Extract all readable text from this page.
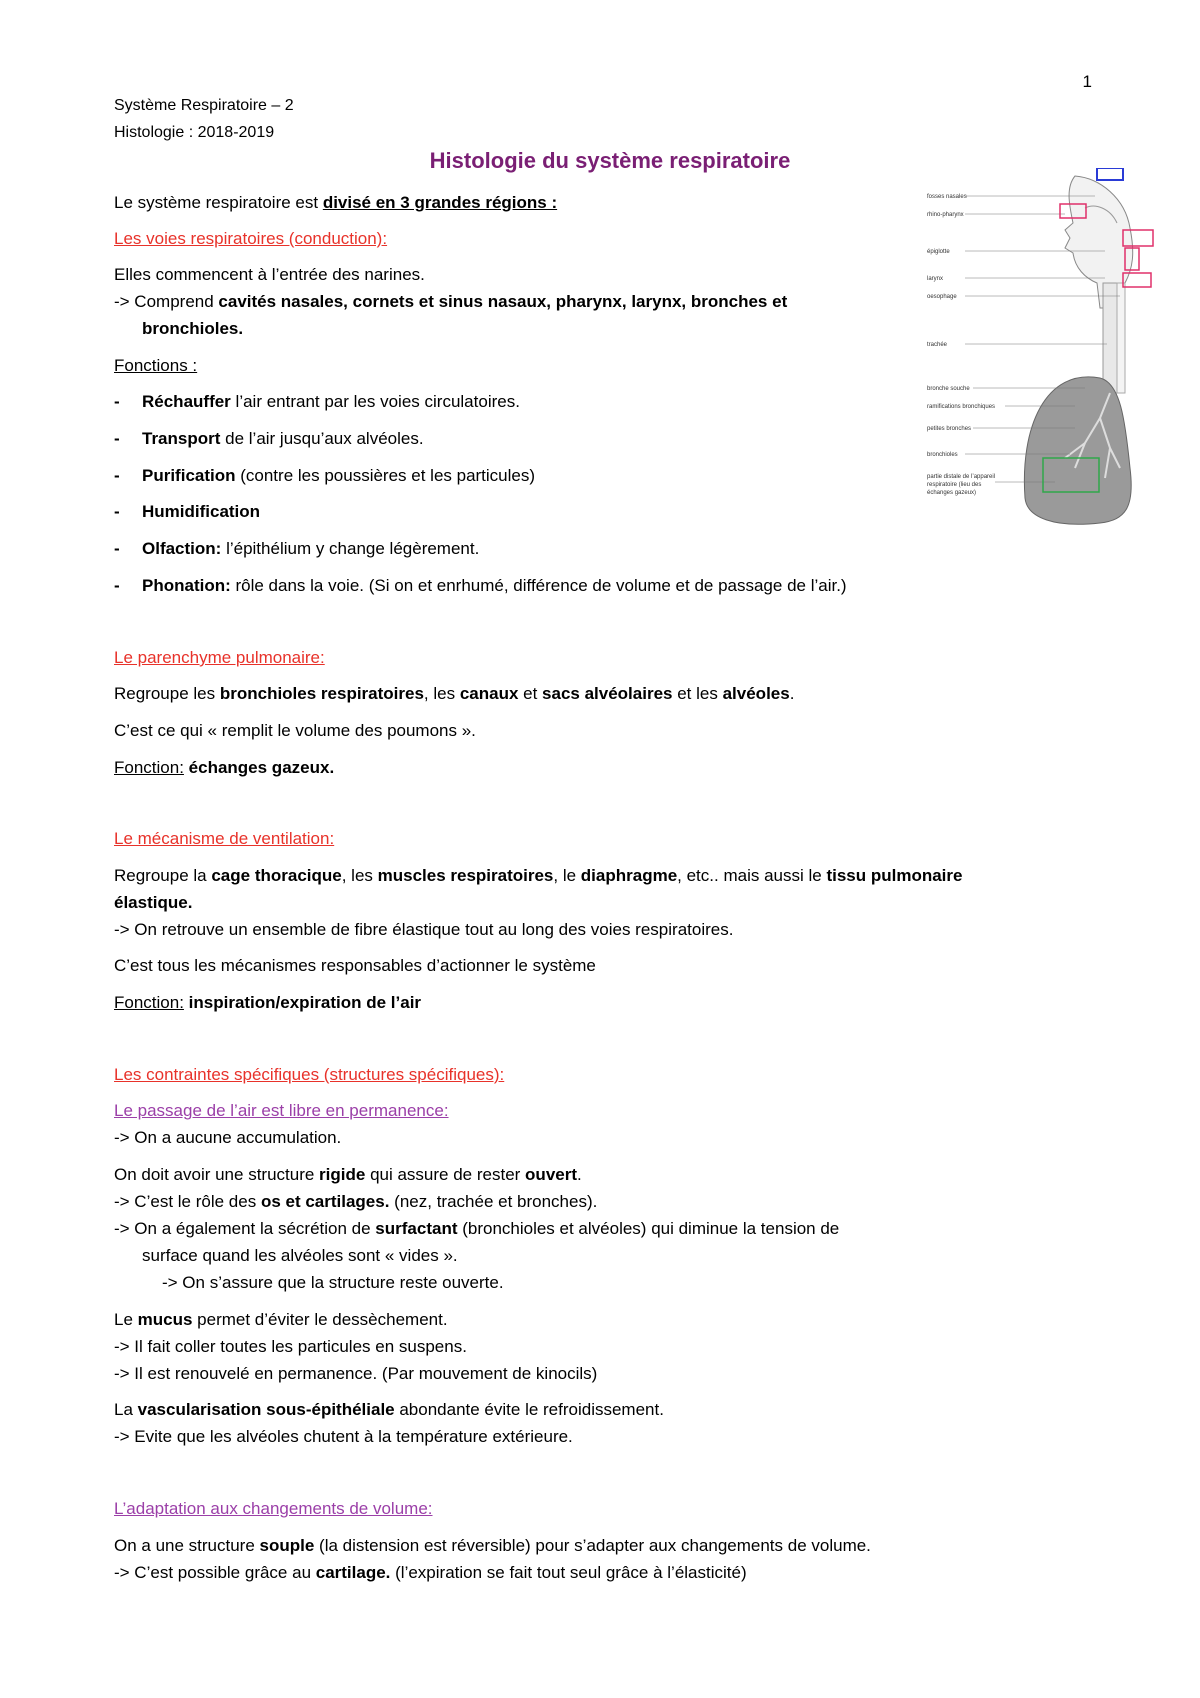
1
Système Respiratoire – 2
Histologie : 2018-2019
Histologie du système respiratoire
Le système respiratoire est divisé en 3 grandes régions :
Les voies respiratoires (conduction):
Elles commencent à l’entrée des narines.
-> Comprend cavités nasales, cornets et sinus nasaux, pharynx, larynx, bronches et
bronchioles.
Fonctions :
- Réchauffer l’air entrant par les voies circulatoires.
- Transport de l’air jusqu’aux alvéoles.
- Purification (contre les poussières et les particules)
- Humidification
- Olfaction: l’épithélium y change légèrement.
- Phonation: rôle dans la voie. (Si on et enrhumé, différence de volume et de passage de l’air.)
Le parenchyme pulmonaire:
Regroupe les bronchioles respiratoires, les canaux et sacs alvéolaires et les alvéoles.
C’est ce qui « remplit le volume des poumons ».
Fonction: échanges gazeux.
Le mécanisme de ventilation:
Regroupe la cage thoracique, les muscles respiratoires, le diaphragme, etc.. mais aussi le tissu pulmonaire
élastique.
-> On retrouve un ensemble de fibre élastique tout au long des voies respiratoires.
C’est tous les mécanismes responsables d’actionner le système
Fonction: inspiration/expiration de l’air
Les contraintes spécifiques (structures spécifiques):
Le passage de l’air est libre en permanence:
-> On a aucune accumulation.
On doit avoir une structure rigide qui assure de rester ouvert.
-> C’est le rôle des os et cartilages. (nez, trachée et bronches).
-> On a également la sécrétion de surfactant (bronchioles et alvéoles) qui diminue la tension de
surface quand les alvéoles sont « vides ».
-> On s’assure que la structure reste ouverte.
Le mucus permet d’éviter le dessèchement.
-> Il fait coller toutes les particules en suspens.
-> Il est renouvelé en permanence. (Par mouvement de kinocils)
La vascularisation sous-épithéliale abondante évite le refroidissement.
-> Evite que les alvéoles chutent à la température extérieure.
L’adaptation aux changements de volume:
On a une structure souple (la distension est réversible) pour s’adapter aux changements de volume.
-> C’est possible grâce au cartilage. (l’expiration se fait tout seul grâce à l’élasticité)
fosses nasales
rhino-pharynx
épiglotte
larynx
oesophage
trachée
bronche souche
ramifications bronchiques
petites bronches
bronchioles
partie distale de l’appareil
respiratoire (lieu des
échanges gazeux)
